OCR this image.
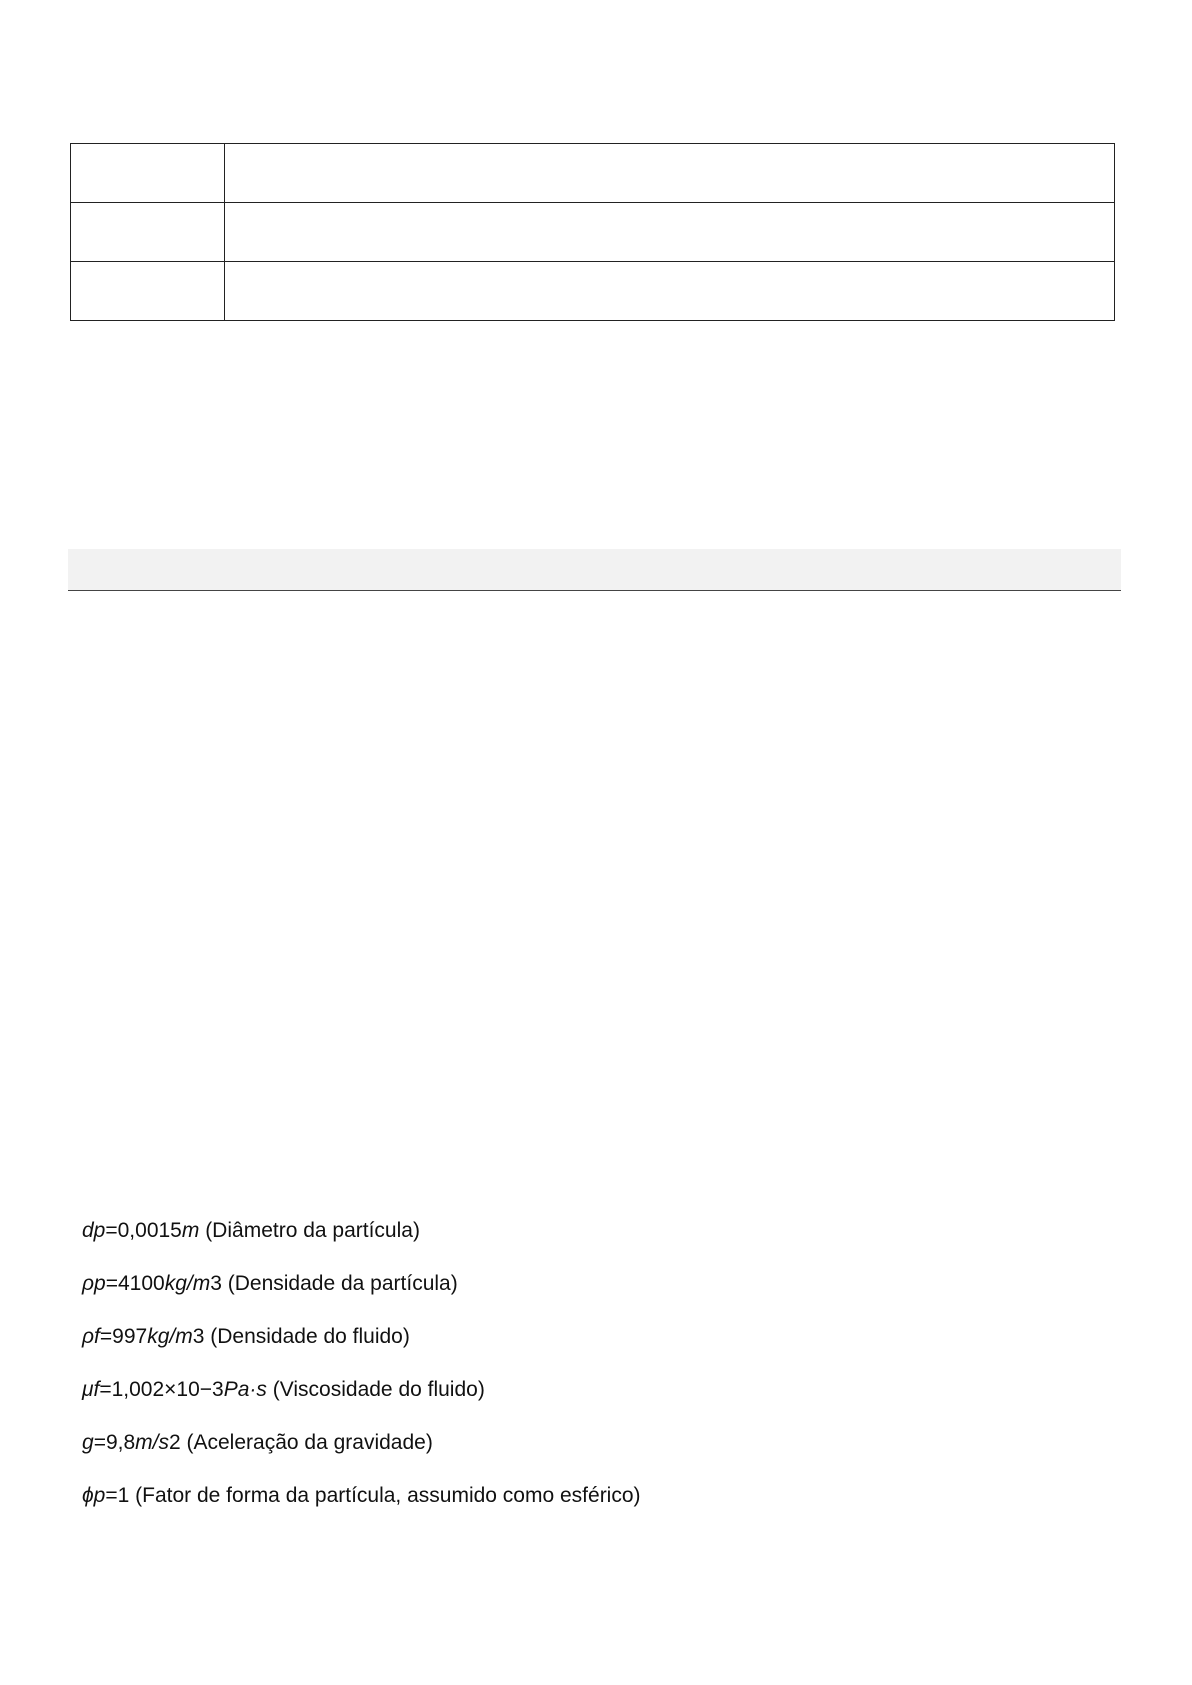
dp=0,0015m (Diâmetro da partícula)
ρp=4100kg/m3 (Densidade da partícula)
ρf=997kg/m3 (Densidade do fluido)
μf=1,002×10−3Pa·s (Viscosidade do fluido)
g=9,8m/s2 (Aceleração da gravidade)
ϕp=1 (Fator de forma da partícula, assumido como esférico)
